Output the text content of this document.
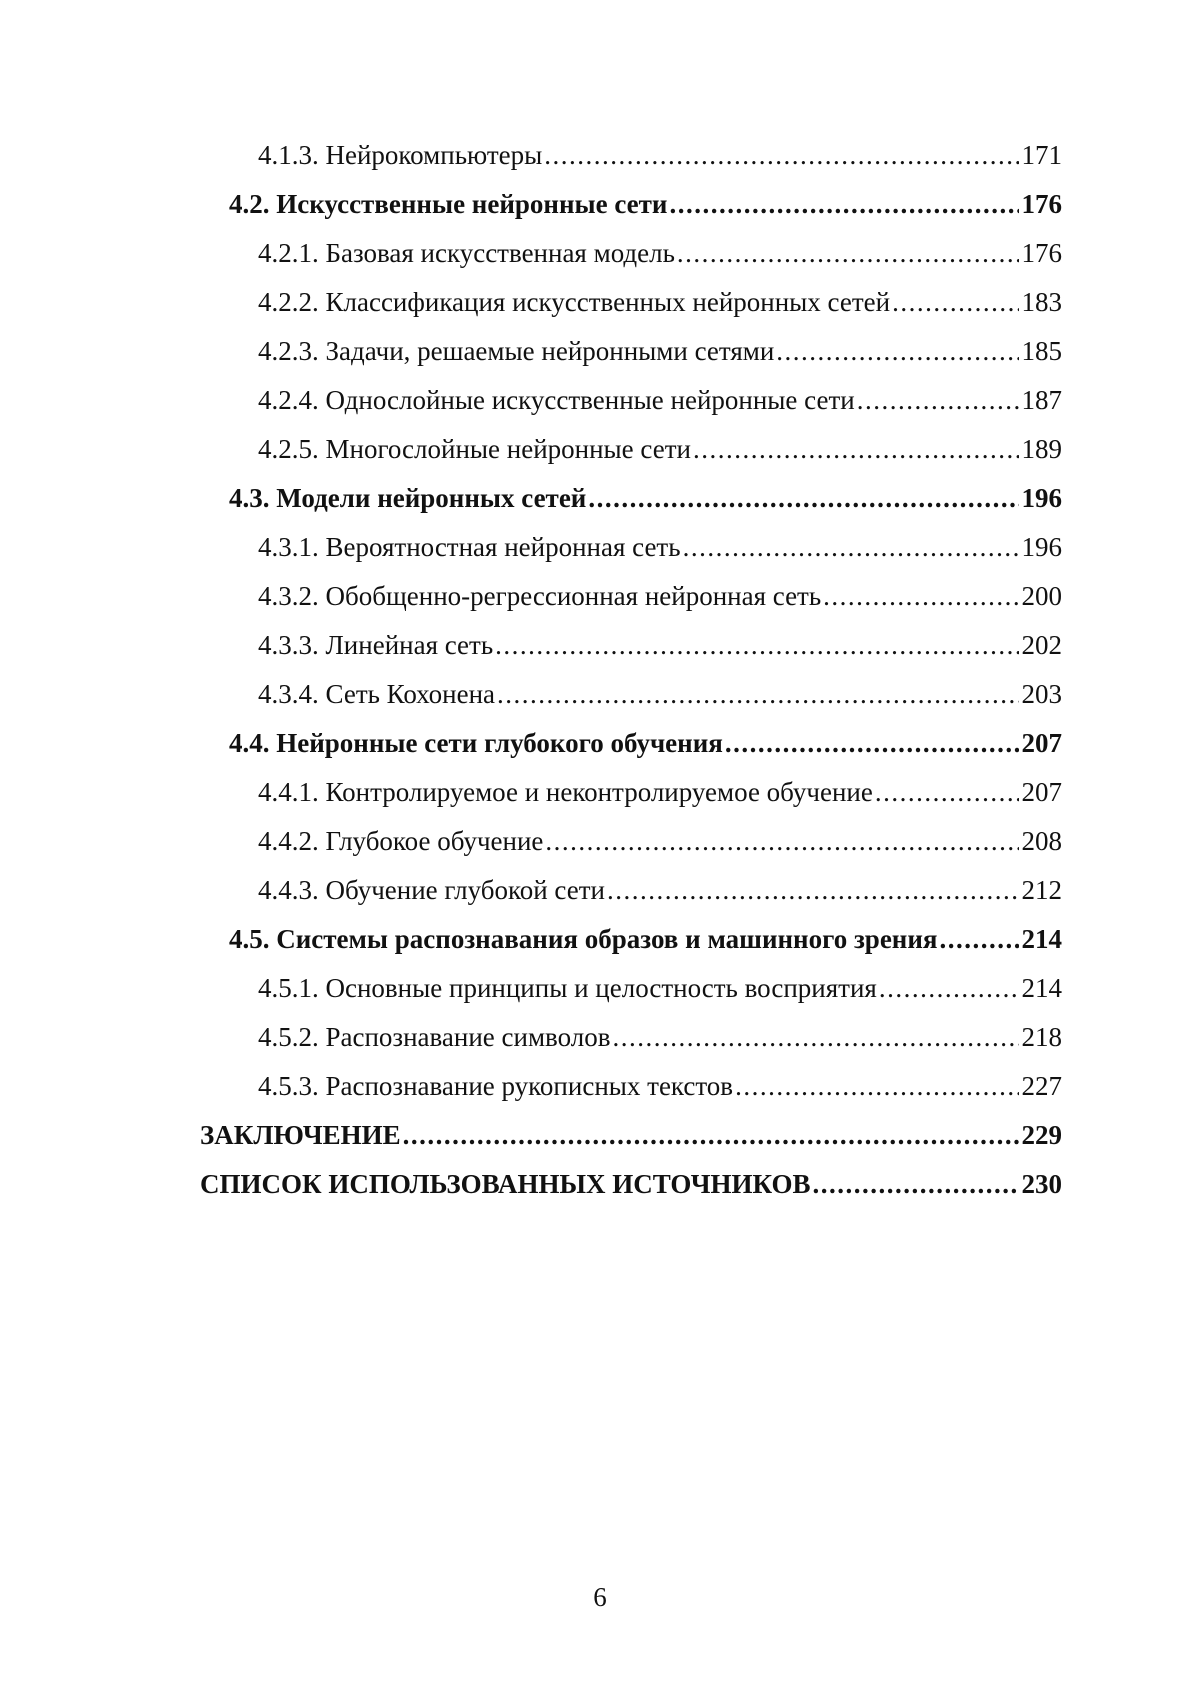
4.1.3. Нейрокомпьютеры .....	171
4.2. Искусственные нейронные сети .....	176
4.2.1. Базовая искусственная модель .....	176
4.2.2. Классификация искусственных нейронных сетей .....	183
4.2.3. Задачи, решаемые нейронными сетями .....	185
4.2.4. Однослойные искусственные нейронные сети .....	187
4.2.5. Многослойные нейронные сети .....	189
4.3. Модели нейронных сетей .....	196
4.3.1. Вероятностная нейронная сеть .....	196
4.3.2. Обобщенно-регрессионная нейронная сеть .....	200
4.3.3. Линейная сеть .....	202
4.3.4. Сеть Кохонена .....	203
4.4. Нейронные сети глубокого обучения .....	207
4.4.1. Контролируемое и неконтролируемое обучение .....	207
4.4.2. Глубокое обучение .....	208
4.4.3. Обучение глубокой сети .....	212
4.5. Системы распознавания образов и машинного зрения .....	214
4.5.1. Основные принципы и целостность восприятия .....	214
4.5.2. Распознавание символов .....	218
4.5.3. Распознавание рукописных текстов .....	227
ЗАКЛЮЧЕНИЕ .....	229
СПИСОК ИСПОЛЬЗОВАННЫХ ИСТОЧНИКОВ .....	230
6
